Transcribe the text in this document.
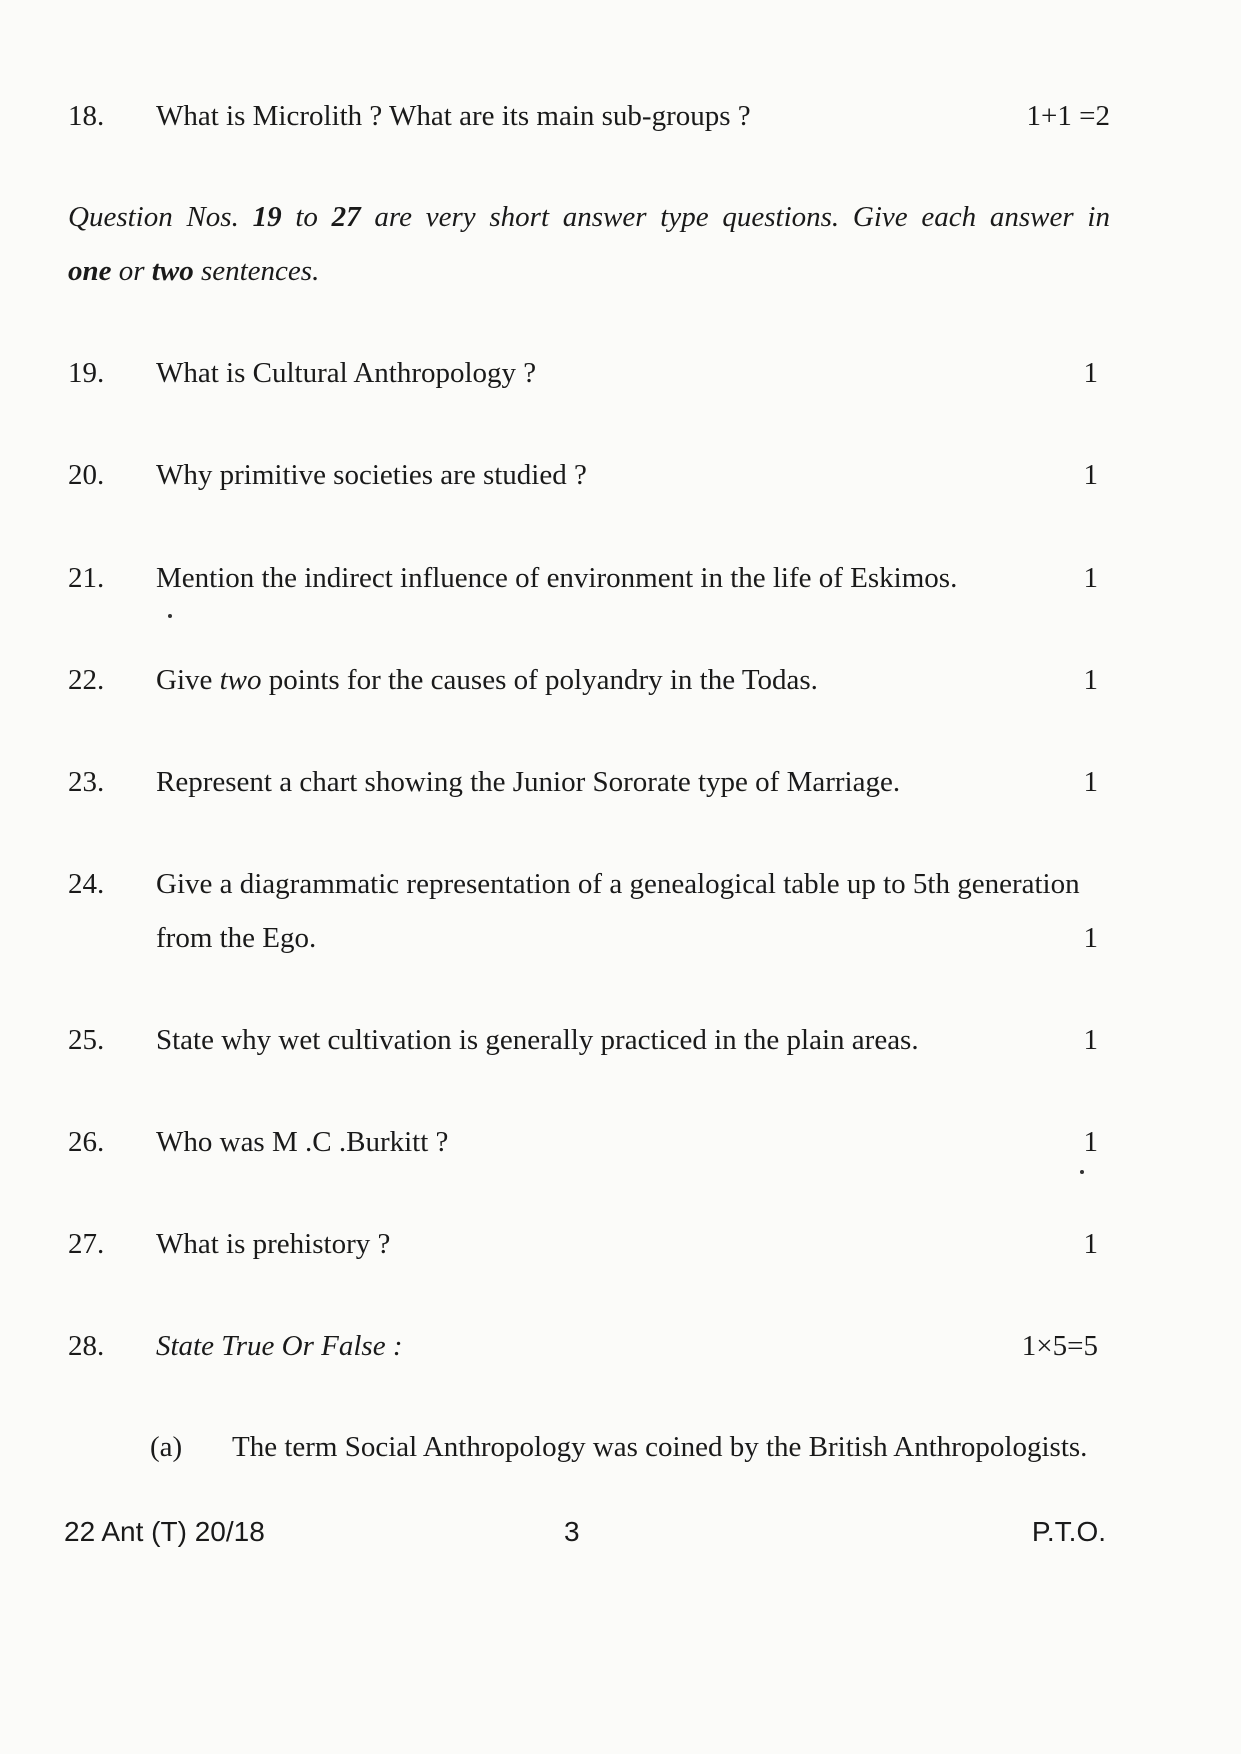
18. What is Microlith ? What are its main sub-groups ?	1+1 =2
Question Nos. 19 to 27 are very short answer type questions. Give each answer in
one or two sentences.
19. What is Cultural Anthropology ?	1
20. Why primitive societies are studied ?	1
21. Mention the indirect influence of environment in the life of Eskimos.	1
22. Give two points for the causes of polyandry in the Todas.	1
23. Represent a chart showing the Junior Sororate type of Marriage.	1
24. Give a diagrammatic representation of a genealogical table up to 5th generation
from the Ego.	1
25. State why wet cultivation is generally practiced in the plain areas.	1
26. Who was M .C .Burkitt ?	1
27. What is prehistory ?	1
28. State True Or False :	1×5=5
(a) The term Social Anthropology was coined by the British Anthropologists.
22 Ant (T) 20/18	3	P.T.O.
